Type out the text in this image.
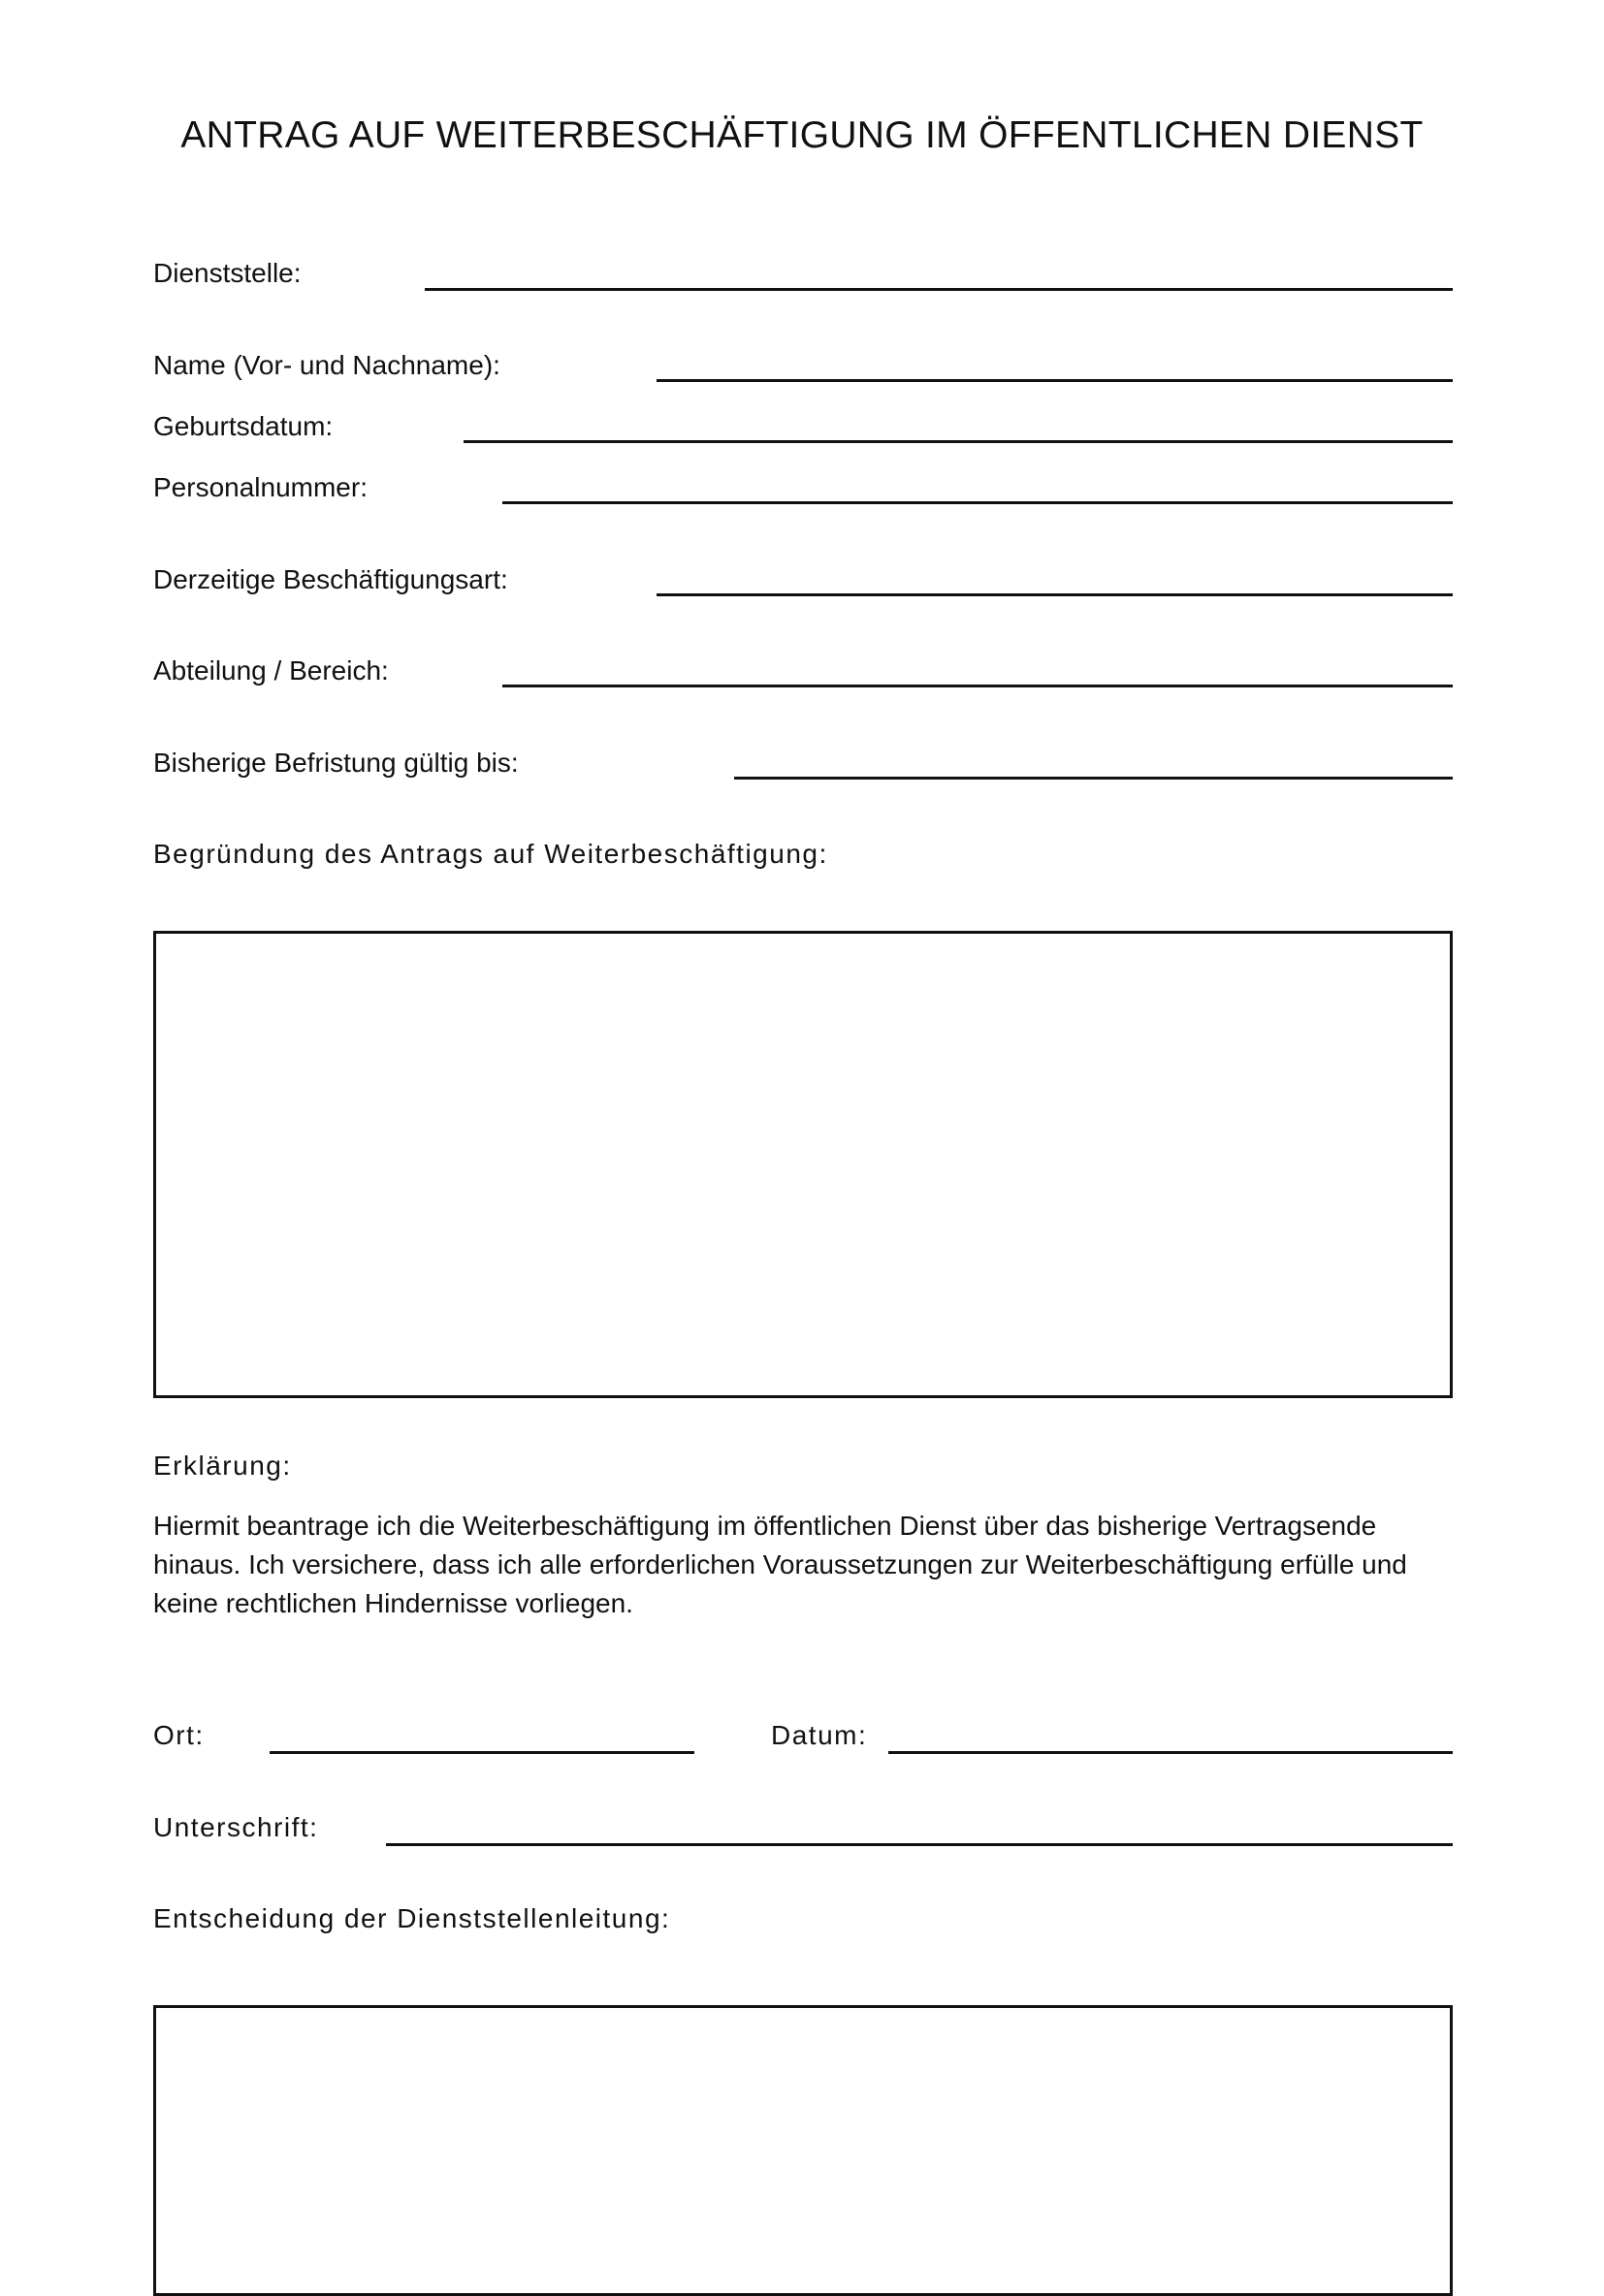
ANTRAG AUF WEITERBESCHÄFTIGUNG IM ÖFFENTLICHEN DIENST
Dienststelle:
Name (Vor- und Nachname):
Geburtsdatum:
Personalnummer:
Derzeitige Beschäftigungsart:
Abteilung / Bereich:
Bisherige Befristung gültig bis:
Begründung des Antrags auf Weiterbeschäftigung:
Erklärung:

Hiermit beantrage ich die Weiterbeschäftigung im öffentlichen Dienst über das bisherige Vertragsende hinaus. Ich versichere, dass ich alle erforderlichen Voraussetzungen zur Weiterbeschäftigung erfülle und keine rechtlichen Hindernisse vorliegen.

Ort:	Datum:
Unterschrift:
Entscheidung der Dienststellenleitung:
